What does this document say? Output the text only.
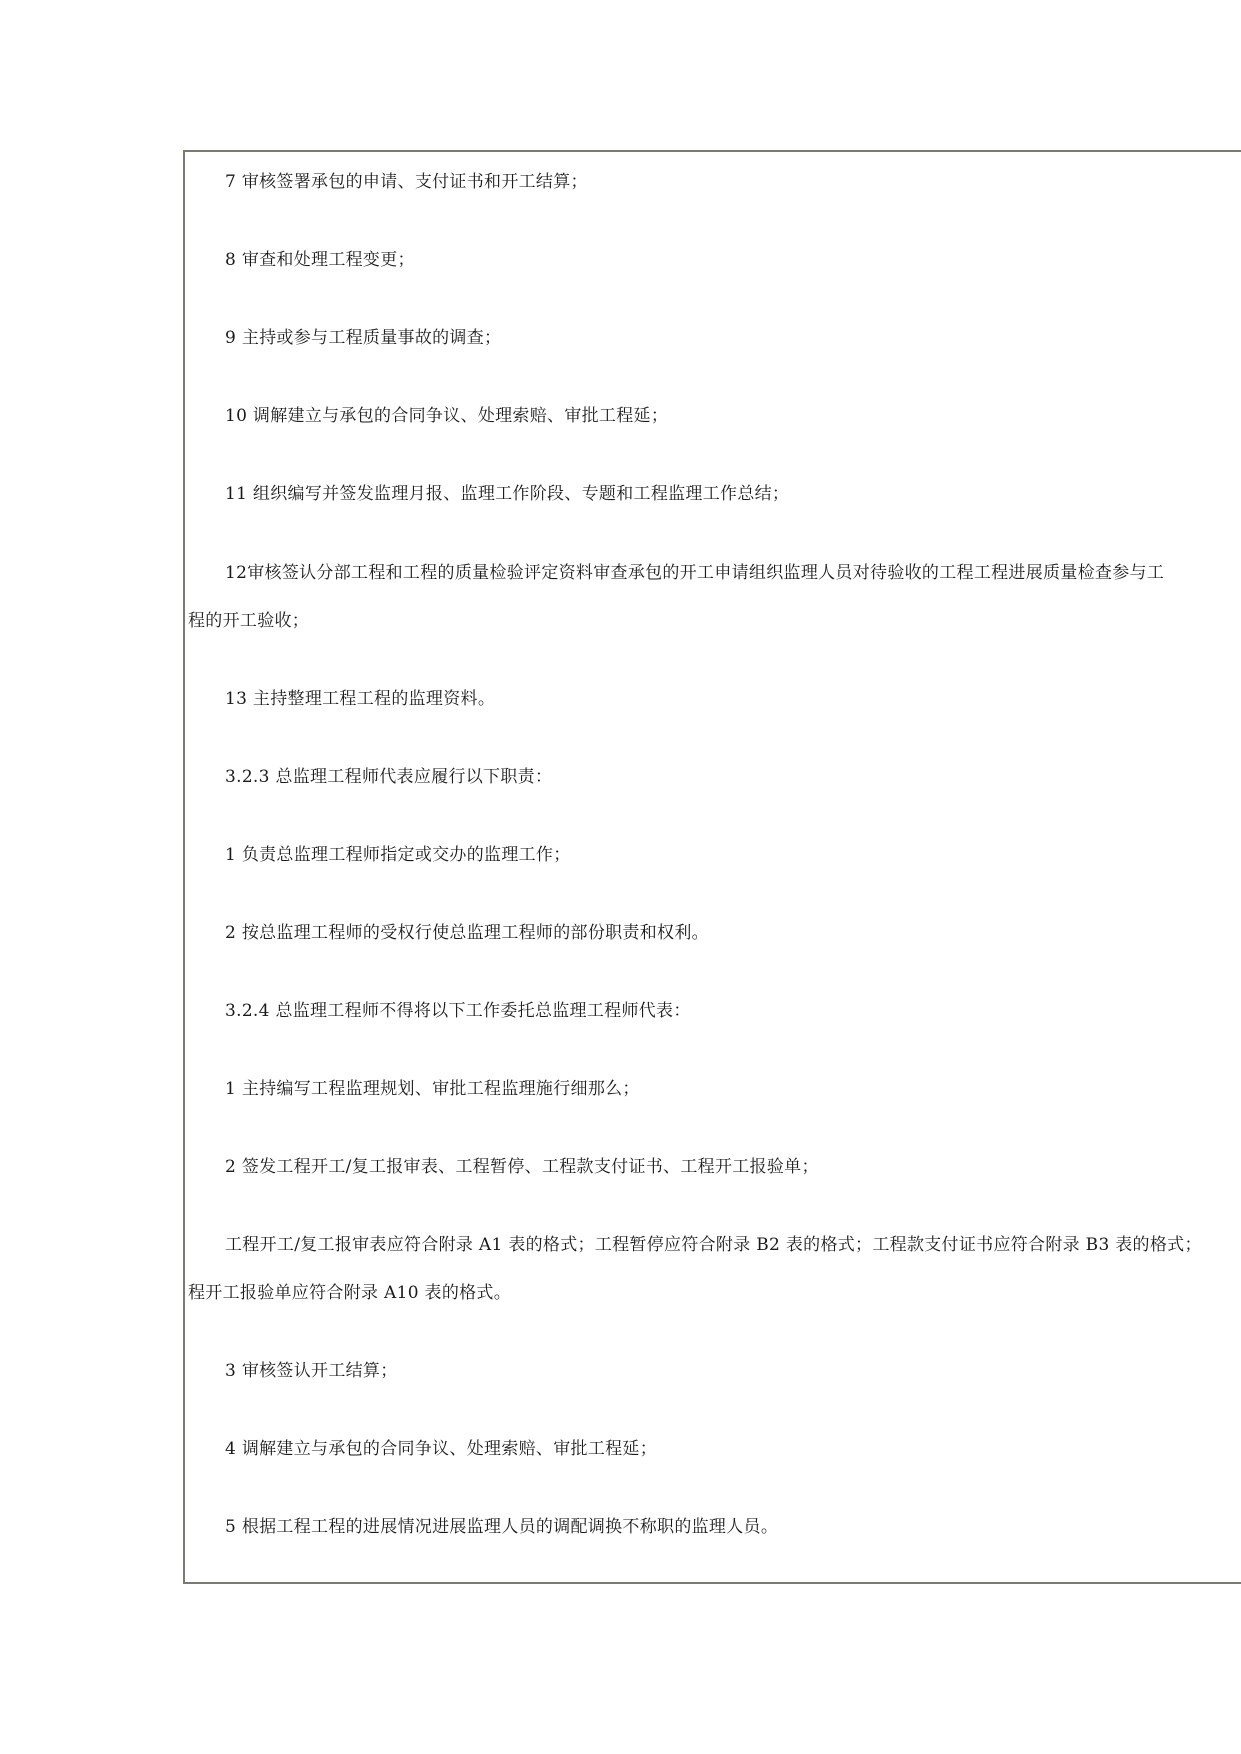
7 审核签署承包的申请、支付证书和开工结算；
8 审查和处理工程变更；
9 主持或参与工程质量事故的调查；
10 调解建立与承包的合同争议、处理索赔、审批工程延；
11 组织编写并签发监理月报、监理工作阶段、专题和工程监理工作总结；
12审核签认分部工程和工程的质量检验评定资料审查承包的开工申请组织监理人员对待验收的工程工程进展质量检查参与工
程的开工验收；
13 主持整理工程工程的监理资料。
3.2.3 总监理工程师代表应履行以下职责：
1 负责总监理工程师指定或交办的监理工作；
2 按总监理工程师的受权行使总监理工程师的部份职责和权利。
3.2.4 总监理工程师不得将以下工作委托总监理工程师代表：
1 主持编写工程监理规划、审批工程监理施行细那么；
2 签发工程开工/复工报审表、工程暂停、工程款支付证书、工程开工报验单；
工程开工/复工报审表应符合附录 A1 表的格式；工程暂停应符合附录 B2 表的格式；工程款支付证书应符合附录 B3 表的格式；
程开工报验单应符合附录 A10 表的格式。
3 审核签认开工结算；
4 调解建立与承包的合同争议、处理索赔、审批工程延；
5 根据工程工程的进展情况进展监理人员的调配调换不称职的监理人员。
